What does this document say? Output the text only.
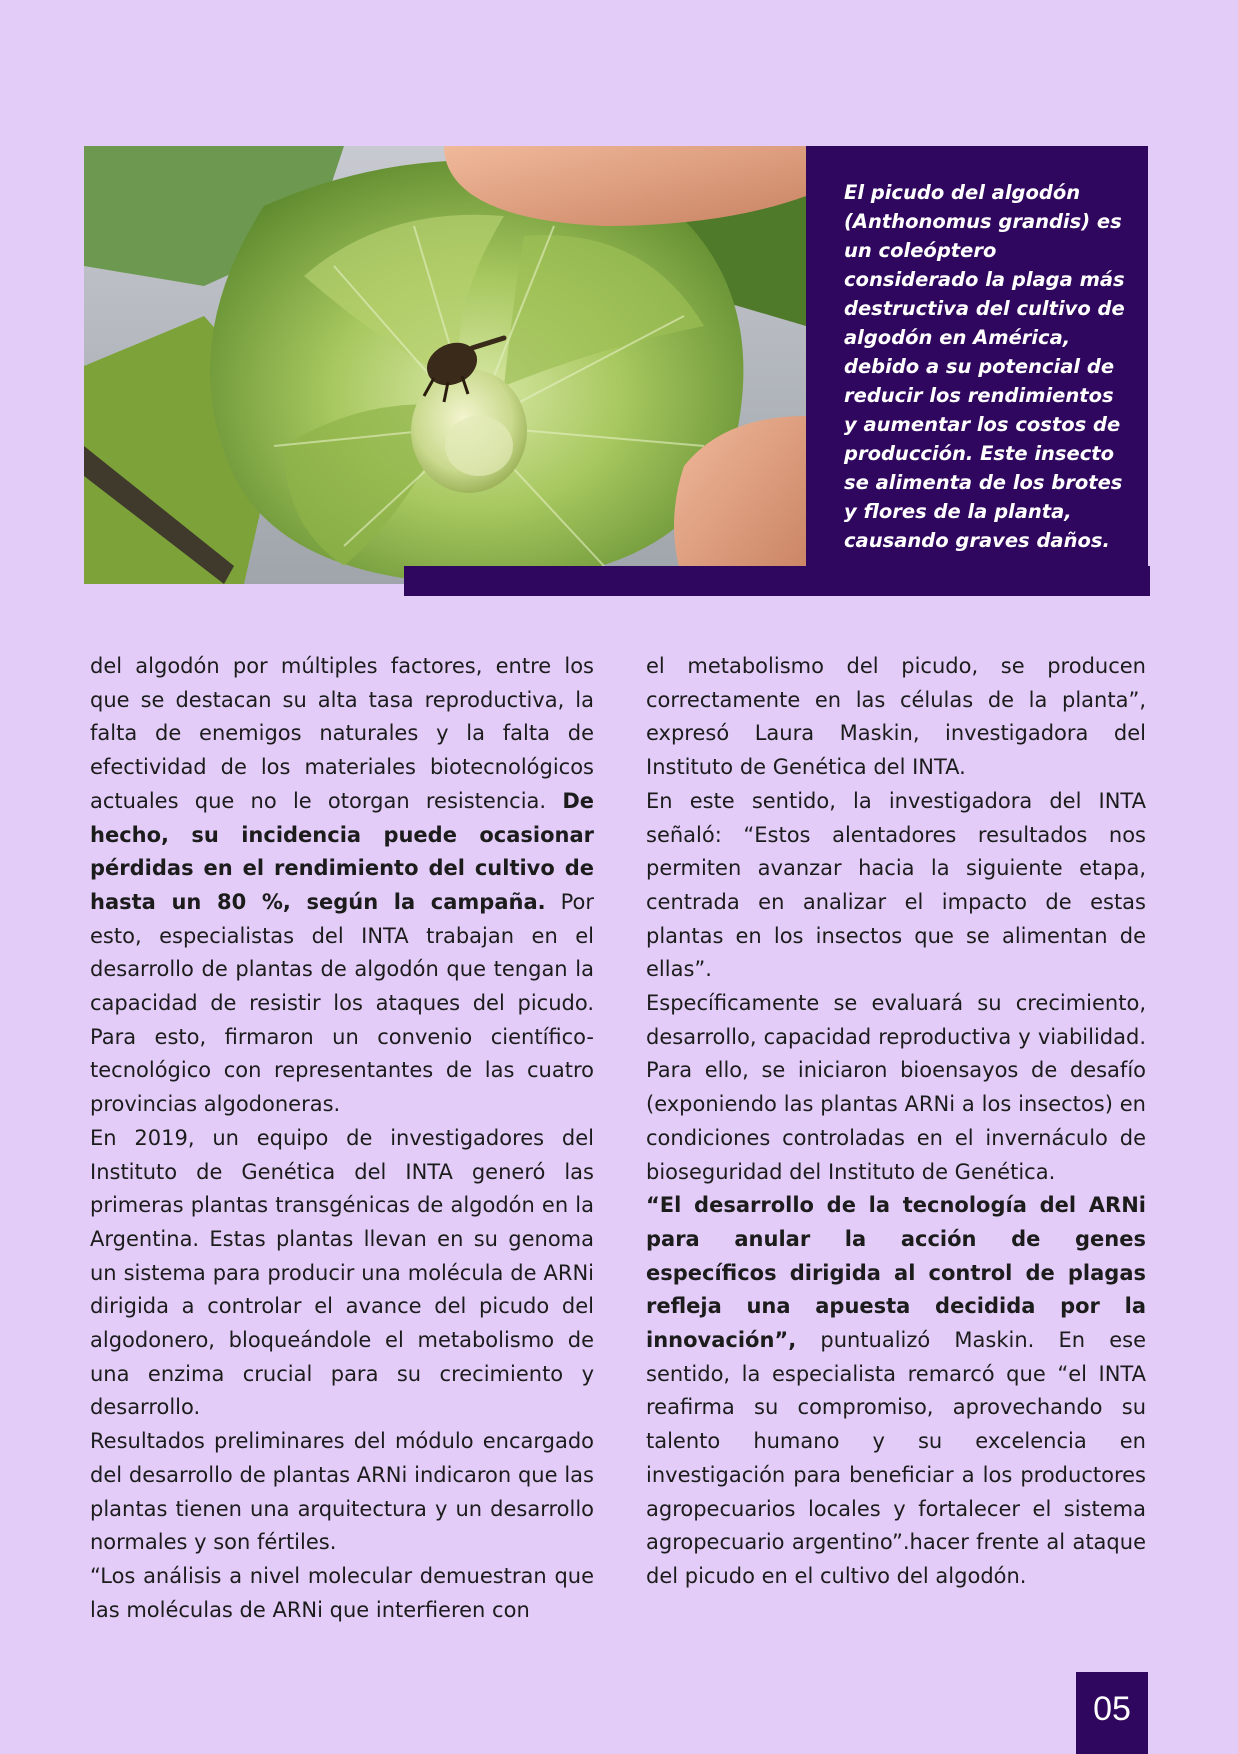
El picudo del algodón (Anthonomus grandis) es un coleóptero considerado la plaga más destructiva del cultivo de algodón en América, debido a su potencial de reducir los rendimientos y aumentar los costos de producción. Este insecto se alimenta de los brotes y flores de la planta, causando graves daños.

del algodón por múltiples factores, entre los que se destacan su alta tasa reproductiva, la falta de enemigos naturales y la falta de efectividad de los materiales biotecnológicos actuales que no le otorgan resistencia. De hecho, su incidencia puede ocasionar pérdidas en el rendimiento del cultivo de hasta un 80 %, según la campaña. Por esto, especialistas del INTA trabajan en el desarrollo de plantas de algodón que tengan la capacidad de resistir los ataques del picudo. Para esto, firmaron un convenio científico-tecnológico con representantes de las cuatro provincias algodoneras.

En 2019, un equipo de investigadores del Instituto de Genética del INTA generó las primeras plantas transgénicas de algodón en la Argentina. Estas plantas llevan en su genoma un sistema para producir una molécula de ARNi dirigida a controlar el avance del picudo del algodonero, bloqueándole el metabolismo de una enzima crucial para su crecimiento y desarrollo.

Resultados preliminares del módulo encargado del desarrollo de plantas ARNi indicaron que las plantas tienen una arquitectura y un desarrollo normales y son fértiles.

“Los análisis a nivel molecular demuestran que las moléculas de ARNi que interfieren con

el metabolismo del picudo, se producen correctamente en las células de la planta”, expresó Laura Maskin, investigadora del Instituto de Genética del INTA.

En este sentido, la investigadora del INTA señaló: “Estos alentadores resultados nos permiten avanzar hacia la siguiente etapa, centrada en analizar el impacto de estas plantas en los insectos que se alimentan de ellas”.

Específicamente se evaluará su crecimiento, desarrollo, capacidad reproductiva y viabilidad. Para ello, se iniciaron bioensayos de desafío (exponiendo las plantas ARNi a los insectos) en condiciones controladas en el invernáculo de bioseguridad del Instituto de Genética.

“El desarrollo de la tecnología del ARNi para anular la acción de genes específicos dirigida al control de plagas refleja una apuesta decidida por la innovación”, puntualizó Maskin. En ese sentido, la especialista remarcó que “el INTA reafirma su compromiso, aprovechando su talento humano y su excelencia en investigación para beneficiar a los productores agropecuarios locales y fortalecer el sistema agropecuario argentino”.hacer frente al ataque del picudo en el cultivo del algodón.

05
